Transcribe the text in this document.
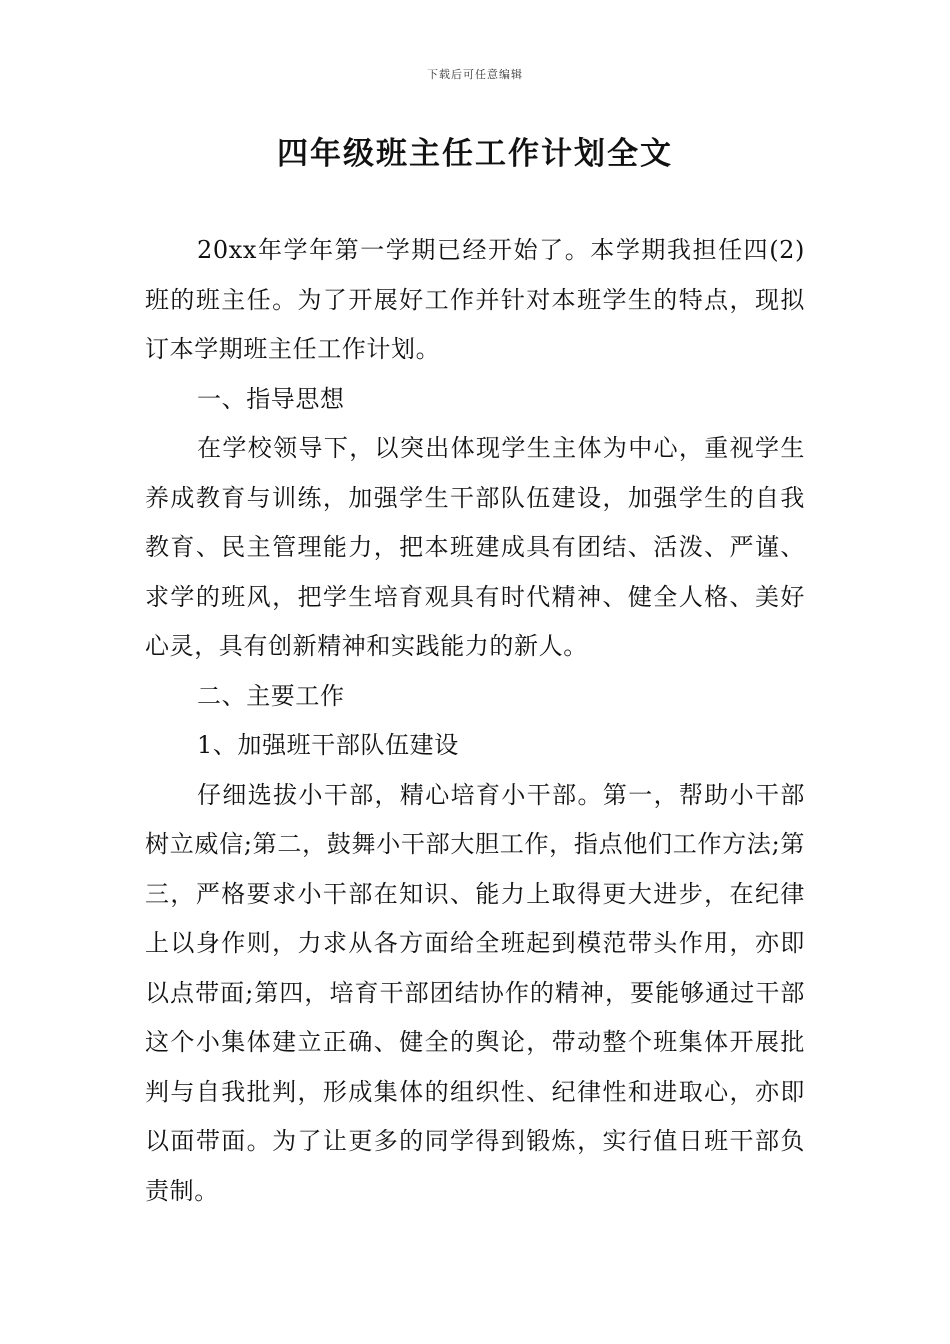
下载后可任意编辑
四年级班主任工作计划全文

20xx年学年第一学期已经开始了。本学期我担任四(2)班的班主任。为了开展好工作并针对本班学生的特点，现拟订本学期班主任工作计划。

一、指导思想

在学校领导下，以突出体现学生主体为中心，重视学生养成教育与训练，加强学生干部队伍建设，加强学生的自我教育、民主管理能力，把本班建成具有团结、活泼、严谨、求学的班风，把学生培育观具有时代精神、健全人格、美好心灵，具有创新精神和实践能力的新人。

二、主要工作

1、加强班干部队伍建设

仔细选拔小干部，精心培育小干部。第一，帮助小干部树立威信;第二，鼓舞小干部大胆工作，指点他们工作方法;第三，严格要求小干部在知识、能力上取得更大进步，在纪律上以身作则，力求从各方面给全班起到模范带头作用，亦即以点带面;第四，培育干部团结协作的精神，要能够通过干部这个小集体建立正确、健全的舆论，带动整个班集体开展批判与自我批判，形成集体的组织性、纪律性和进取心，亦即以面带面。为了让更多的同学得到锻炼，实行值日班干部负责制。
